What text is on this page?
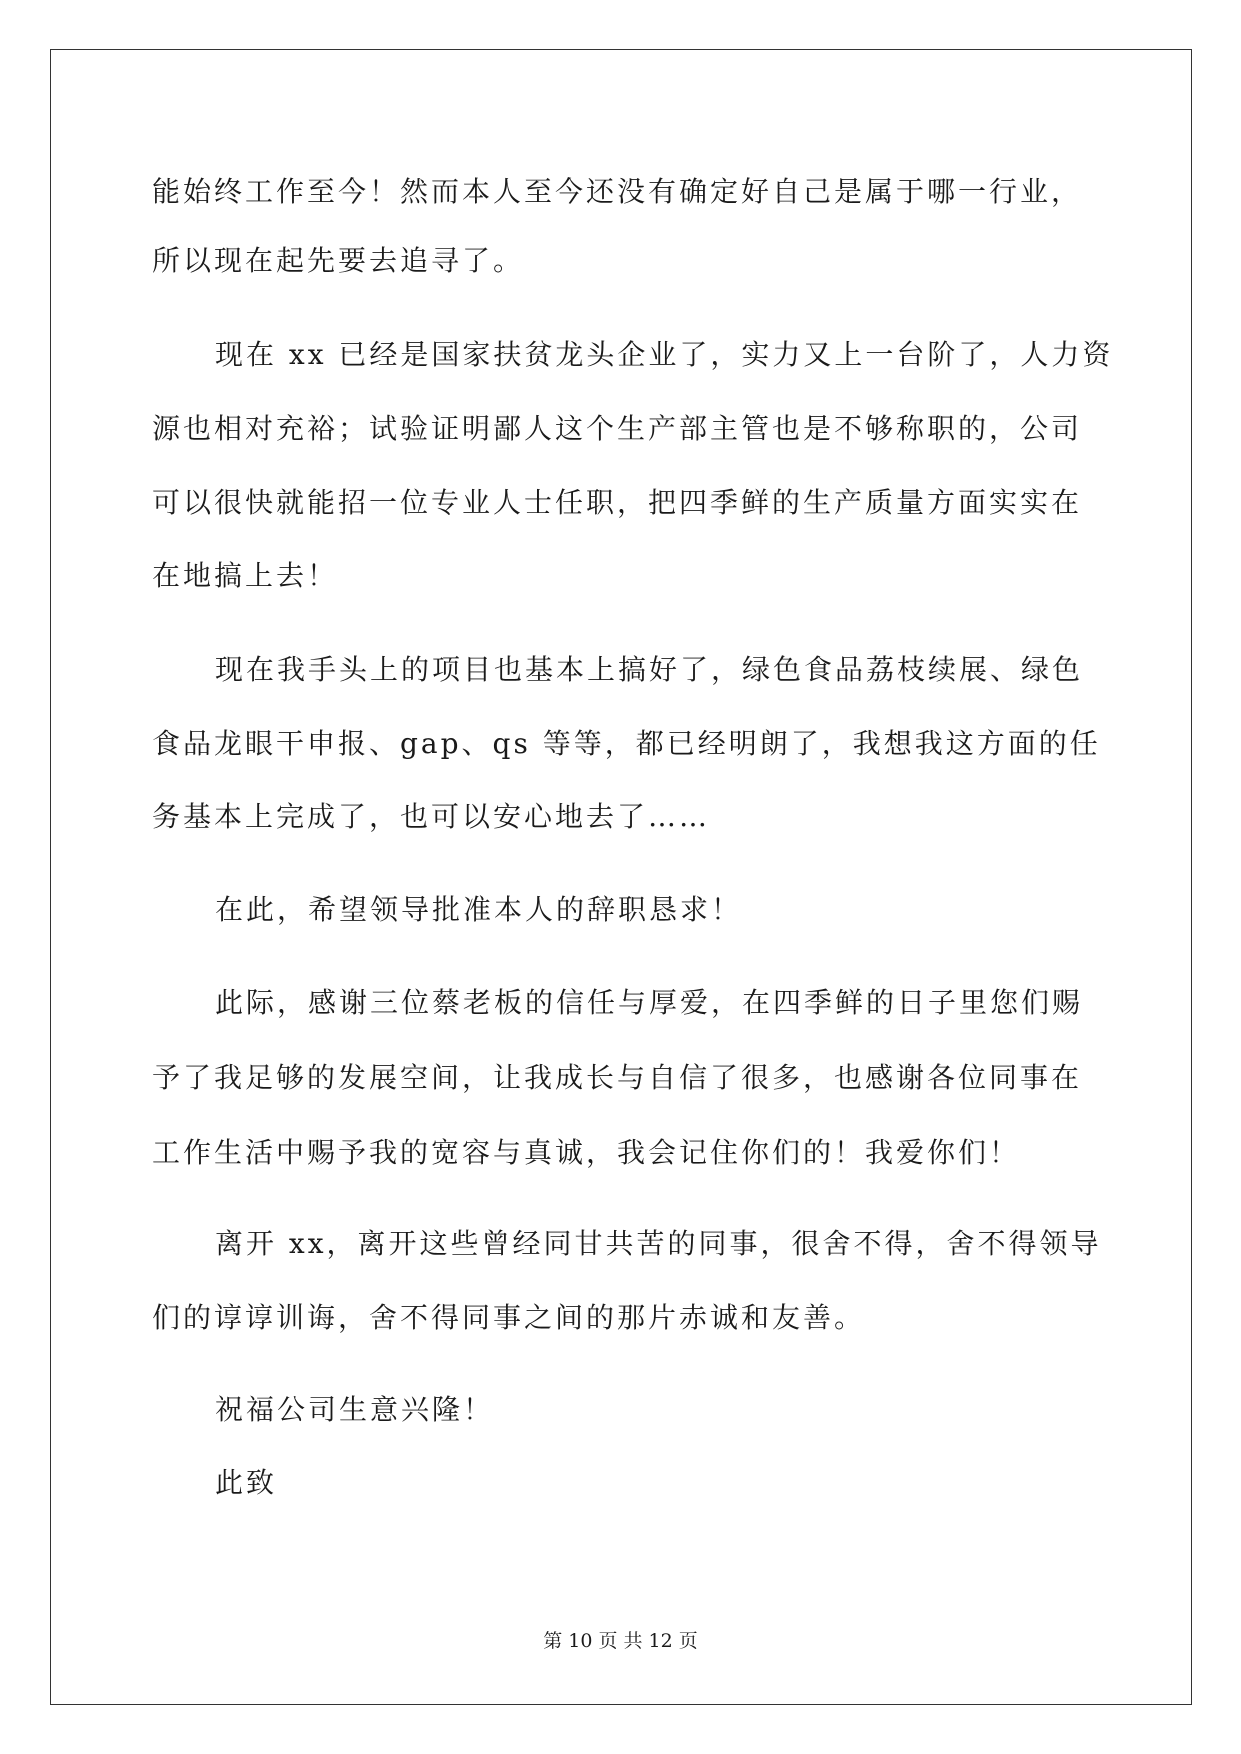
能始终工作至今！然而本人至今还没有确定好自己是属于哪一行业，
所以现在起先要去追寻了。
现在 xx 已经是国家扶贫龙头企业了，实力又上一台阶了，人力资
源也相对充裕；试验证明鄙人这个生产部主管也是不够称职的，公司
可以很快就能招一位专业人士任职，把四季鲜的生产质量方面实实在
在地搞上去！
现在我手头上的项目也基本上搞好了，绿色食品荔枝续展、绿色
食品龙眼干申报、gap、qs 等等，都已经明朗了，我想我这方面的任
务基本上完成了，也可以安心地去了……
在此，希望领导批准本人的辞职恳求！
此际，感谢三位蔡老板的信任与厚爱，在四季鲜的日子里您们赐
予了我足够的发展空间，让我成长与自信了很多，也感谢各位同事在
工作生活中赐予我的宽容与真诚，我会记住你们的！我爱你们！
离开 xx，离开这些曾经同甘共苦的同事，很舍不得，舍不得领导
们的谆谆训诲，舍不得同事之间的那片赤诚和友善。
祝福公司生意兴隆！
此致
第 10 页 共 12 页
